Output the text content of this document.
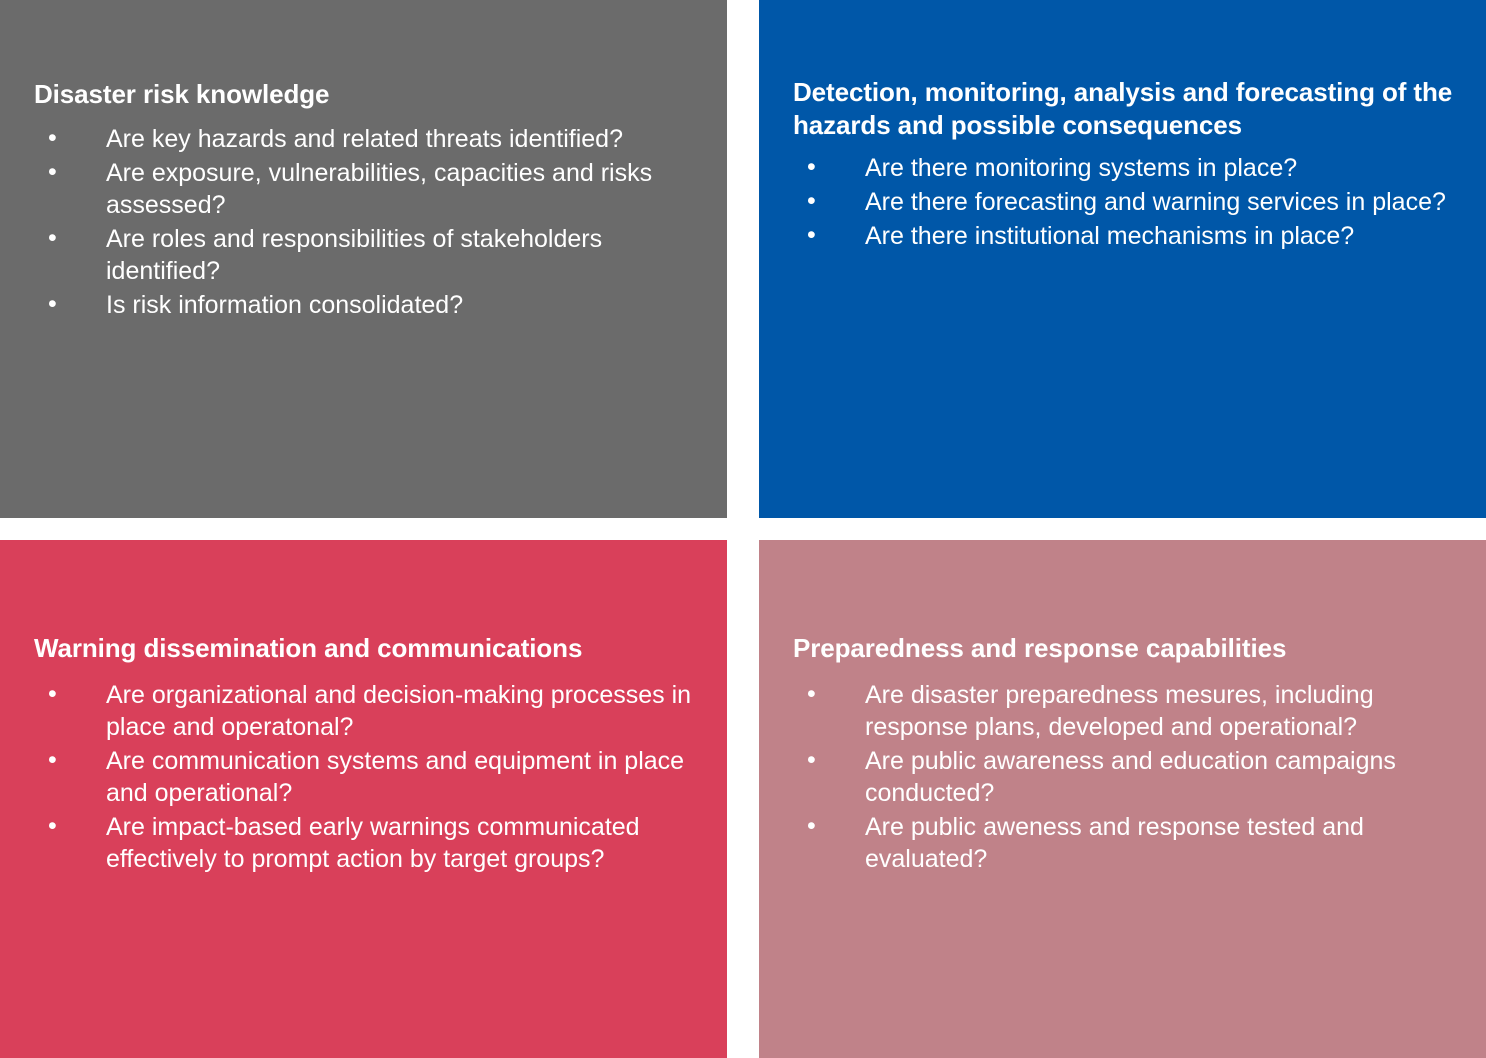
Disaster risk knowledge
• Are key hazards and related threats identified?
• Are exposure, vulnerabilities, capacities and risks assessed?
• Are roles and responsibilities of stakeholders identified?
• Is risk information consolidated?
Detection, monitoring, analysis and forecasting of the hazards and possible consequences
• Are there monitoring systems in place?
• Are there forecasting and warning services in place?
• Are there institutional mechanisms in place?
Warning dissemination and communications
• Are organizational and decision-making processes in place and operatonal?
• Are communication systems and equipment in place and operational?
• Are impact-based early warnings communicated effectively to prompt action by target groups?
Preparedness and response capabilities
• Are disaster preparedness mesures, including response plans, developed and operational?
• Are public awareness and education campaigns conducted?
• Are public aweness and response tested and evaluated?
